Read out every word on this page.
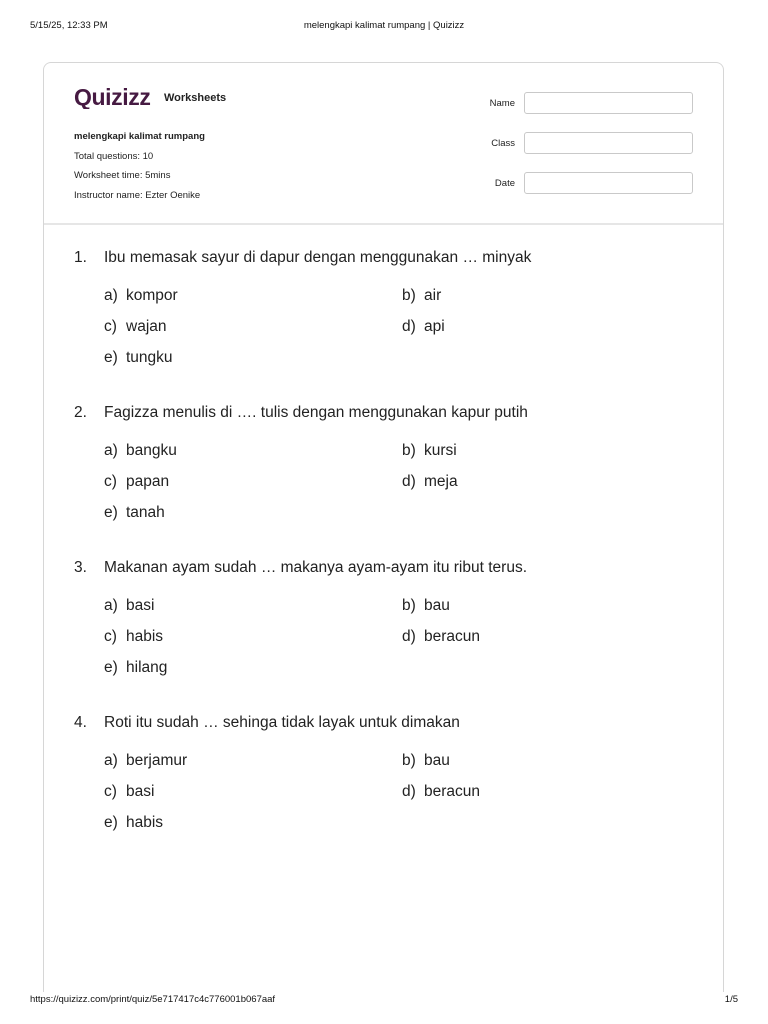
5/15/25, 12:33 PM	melengkapi kalimat rumpang | Quizizz
Quizizz Worksheets
melengkapi kalimat rumpang
Total questions: 10
Worksheet time: 5mins
Instructor name: Ezter Oenike
Name
Class
Date
1.	Ibu memasak sayur di dapur dengan menggunakan … minyak
a) kompor	b) air
c) wajan	d) api
e) tungku
2.	Fagizza menulis di …. tulis dengan menggunakan kapur putih
a) bangku	b) kursi
c) papan	d) meja
e) tanah
3.	Makanan ayam sudah … makanya ayam-ayam itu ribut terus.
a) basi	b) bau
c) habis	d) beracun
e) hilang
4.	Roti itu sudah … sehinga tidak layak untuk dimakan
a) berjamur	b) bau
c) basi	d) beracun
e) habis
https://quizizz.com/print/quiz/5e717417c4c776001b067aaf	1/5
